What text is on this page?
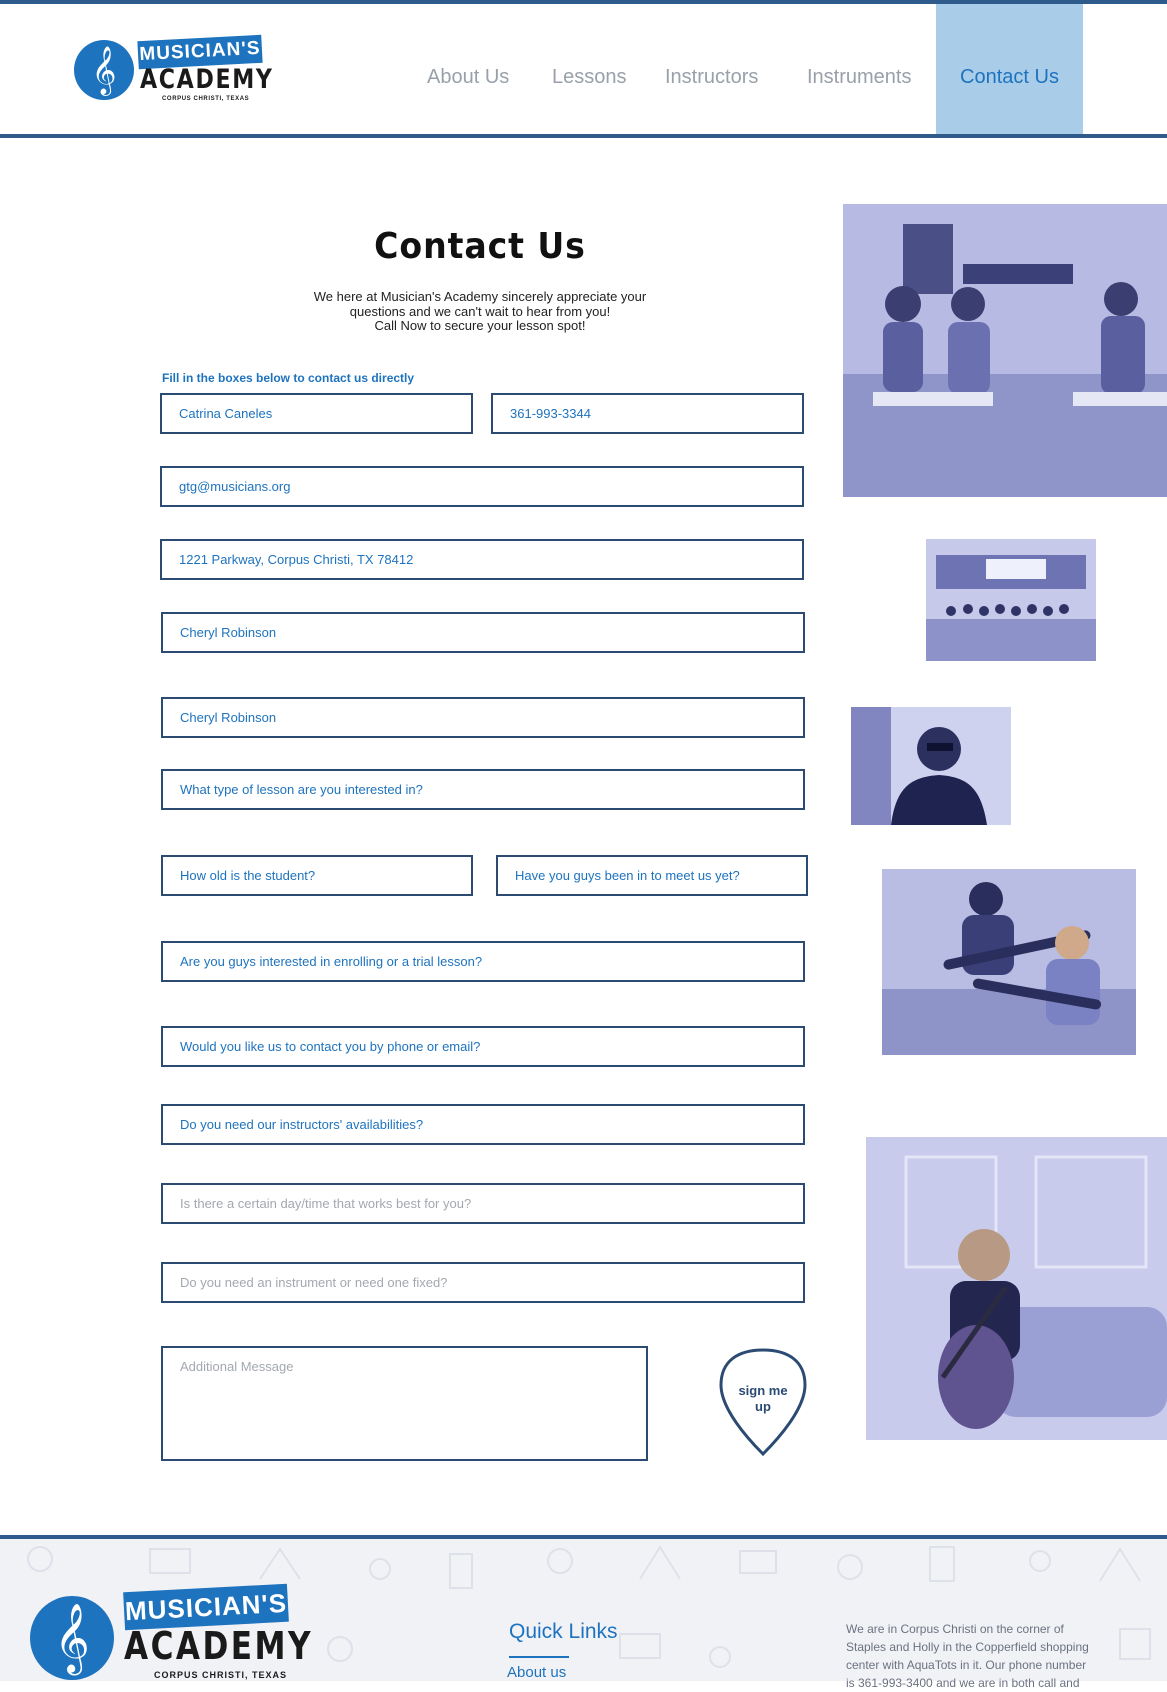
𝄞	MUSICIAN'S
ACADEMY
CORPUS CHRISTI, TEXAS
About Us Lessons Instructors Instruments	Contact Us
Contact Us
We here at Musician's Academy sincerely appreciate your
questions and we can't wait to hear from you!
Call Now to secure your lesson spot!
Fill in the boxes below to contact us directly
Catrina Caneles	361-993-3344
gtg@musicians.org
1221 Parkway, Corpus Christi, TX 78412
Cheryl Robinson
Cheryl Robinson
What type of lesson are you interested in?
How old is the student?	Have you guys been in to meet us yet?
Are you guys interested in enrolling or a trial lesson?
Would you like us to contact you by phone or email?
Do you need our instructors' availabilities?
Is there a certain day/time that works best for you?
Do you need an instrument or need one fixed?
Additional Message
sign me
up
𝄞	MUSICIAN'S
ACADEMY
CORPUS CHRISTI, TEXAS
Quick Links
About us
We are in Corpus Christi on the corner of
Staples and Holly in the Copperfield shopping
center with AquaTots in it. Our phone number
is 361-993-3400 and we are in both call and
